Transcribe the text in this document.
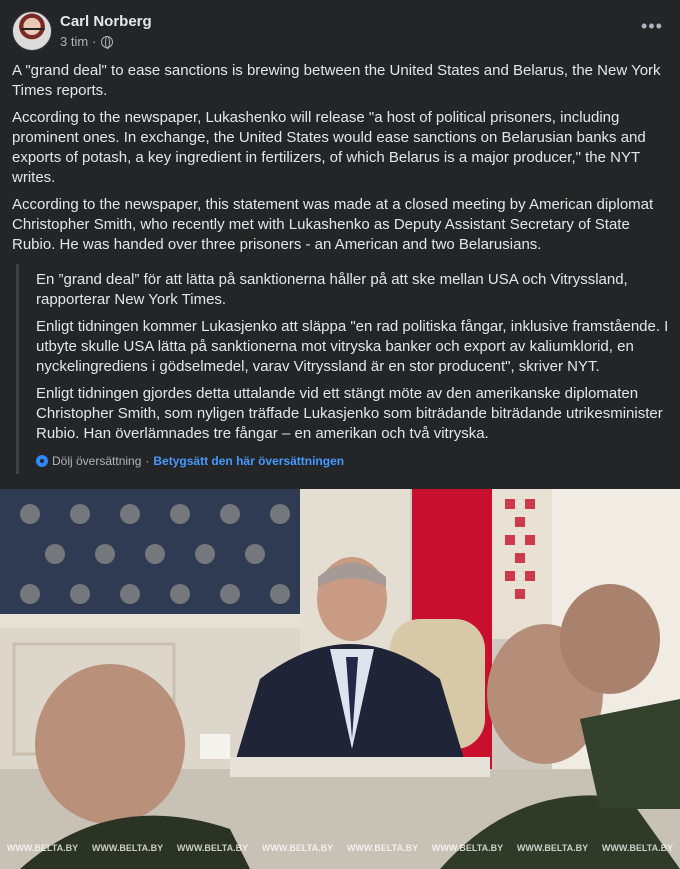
Carl Norberg
3 tim ·
•••
A "grand deal" to ease sanctions is brewing between the United States and Belarus, the New York Times reports.
According to the newspaper, Lukashenko will release "a host of political prisoners, including prominent ones. In exchange, the United States would ease sanctions on Belarusian banks and exports of potash, a key ingredient in fertilizers, of which Belarus is a major producer," the NYT writes.
According to the newspaper, this statement was made at a closed meeting by American diplomat Christopher Smith, who recently met with Lukashenko as Deputy Assistant Secretary of State Rubio. He was handed over three prisoners - an American and two Belarusians.
En ”grand deal” för att lätta på sanktionerna håller på att ske mellan USA och Vitryssland, rapporterar New York Times.
Enligt tidningen kommer Lukasjenko att släppa "en rad politiska fångar, inklusive framstående. I utbyte skulle USA lätta på sanktionerna mot vitryska banker och export av kaliumklorid, en nyckelingrediens i gödselmedel, varav Vitryssland är en stor producent", skriver NYT.
Enligt tidningen gjordes detta uttalande vid ett stängt möte av den amerikanske diplomaten Christopher Smith, som nyligen träffade Lukasjenko som biträdande biträdande utrikesminister Rubio. Han överlämnades tre fångar – en amerikan och två vitryska.
Dölj översättning · Betygsätt den här översättningen
WWW.BELTA.BY WWW.BELTA.BY WWW.BELTA.BY WWW.BELTA.BY WWW.BELTA.BY WWW.BELTA.BY WWW.BELTA.BY WWW.BELTA.BY
